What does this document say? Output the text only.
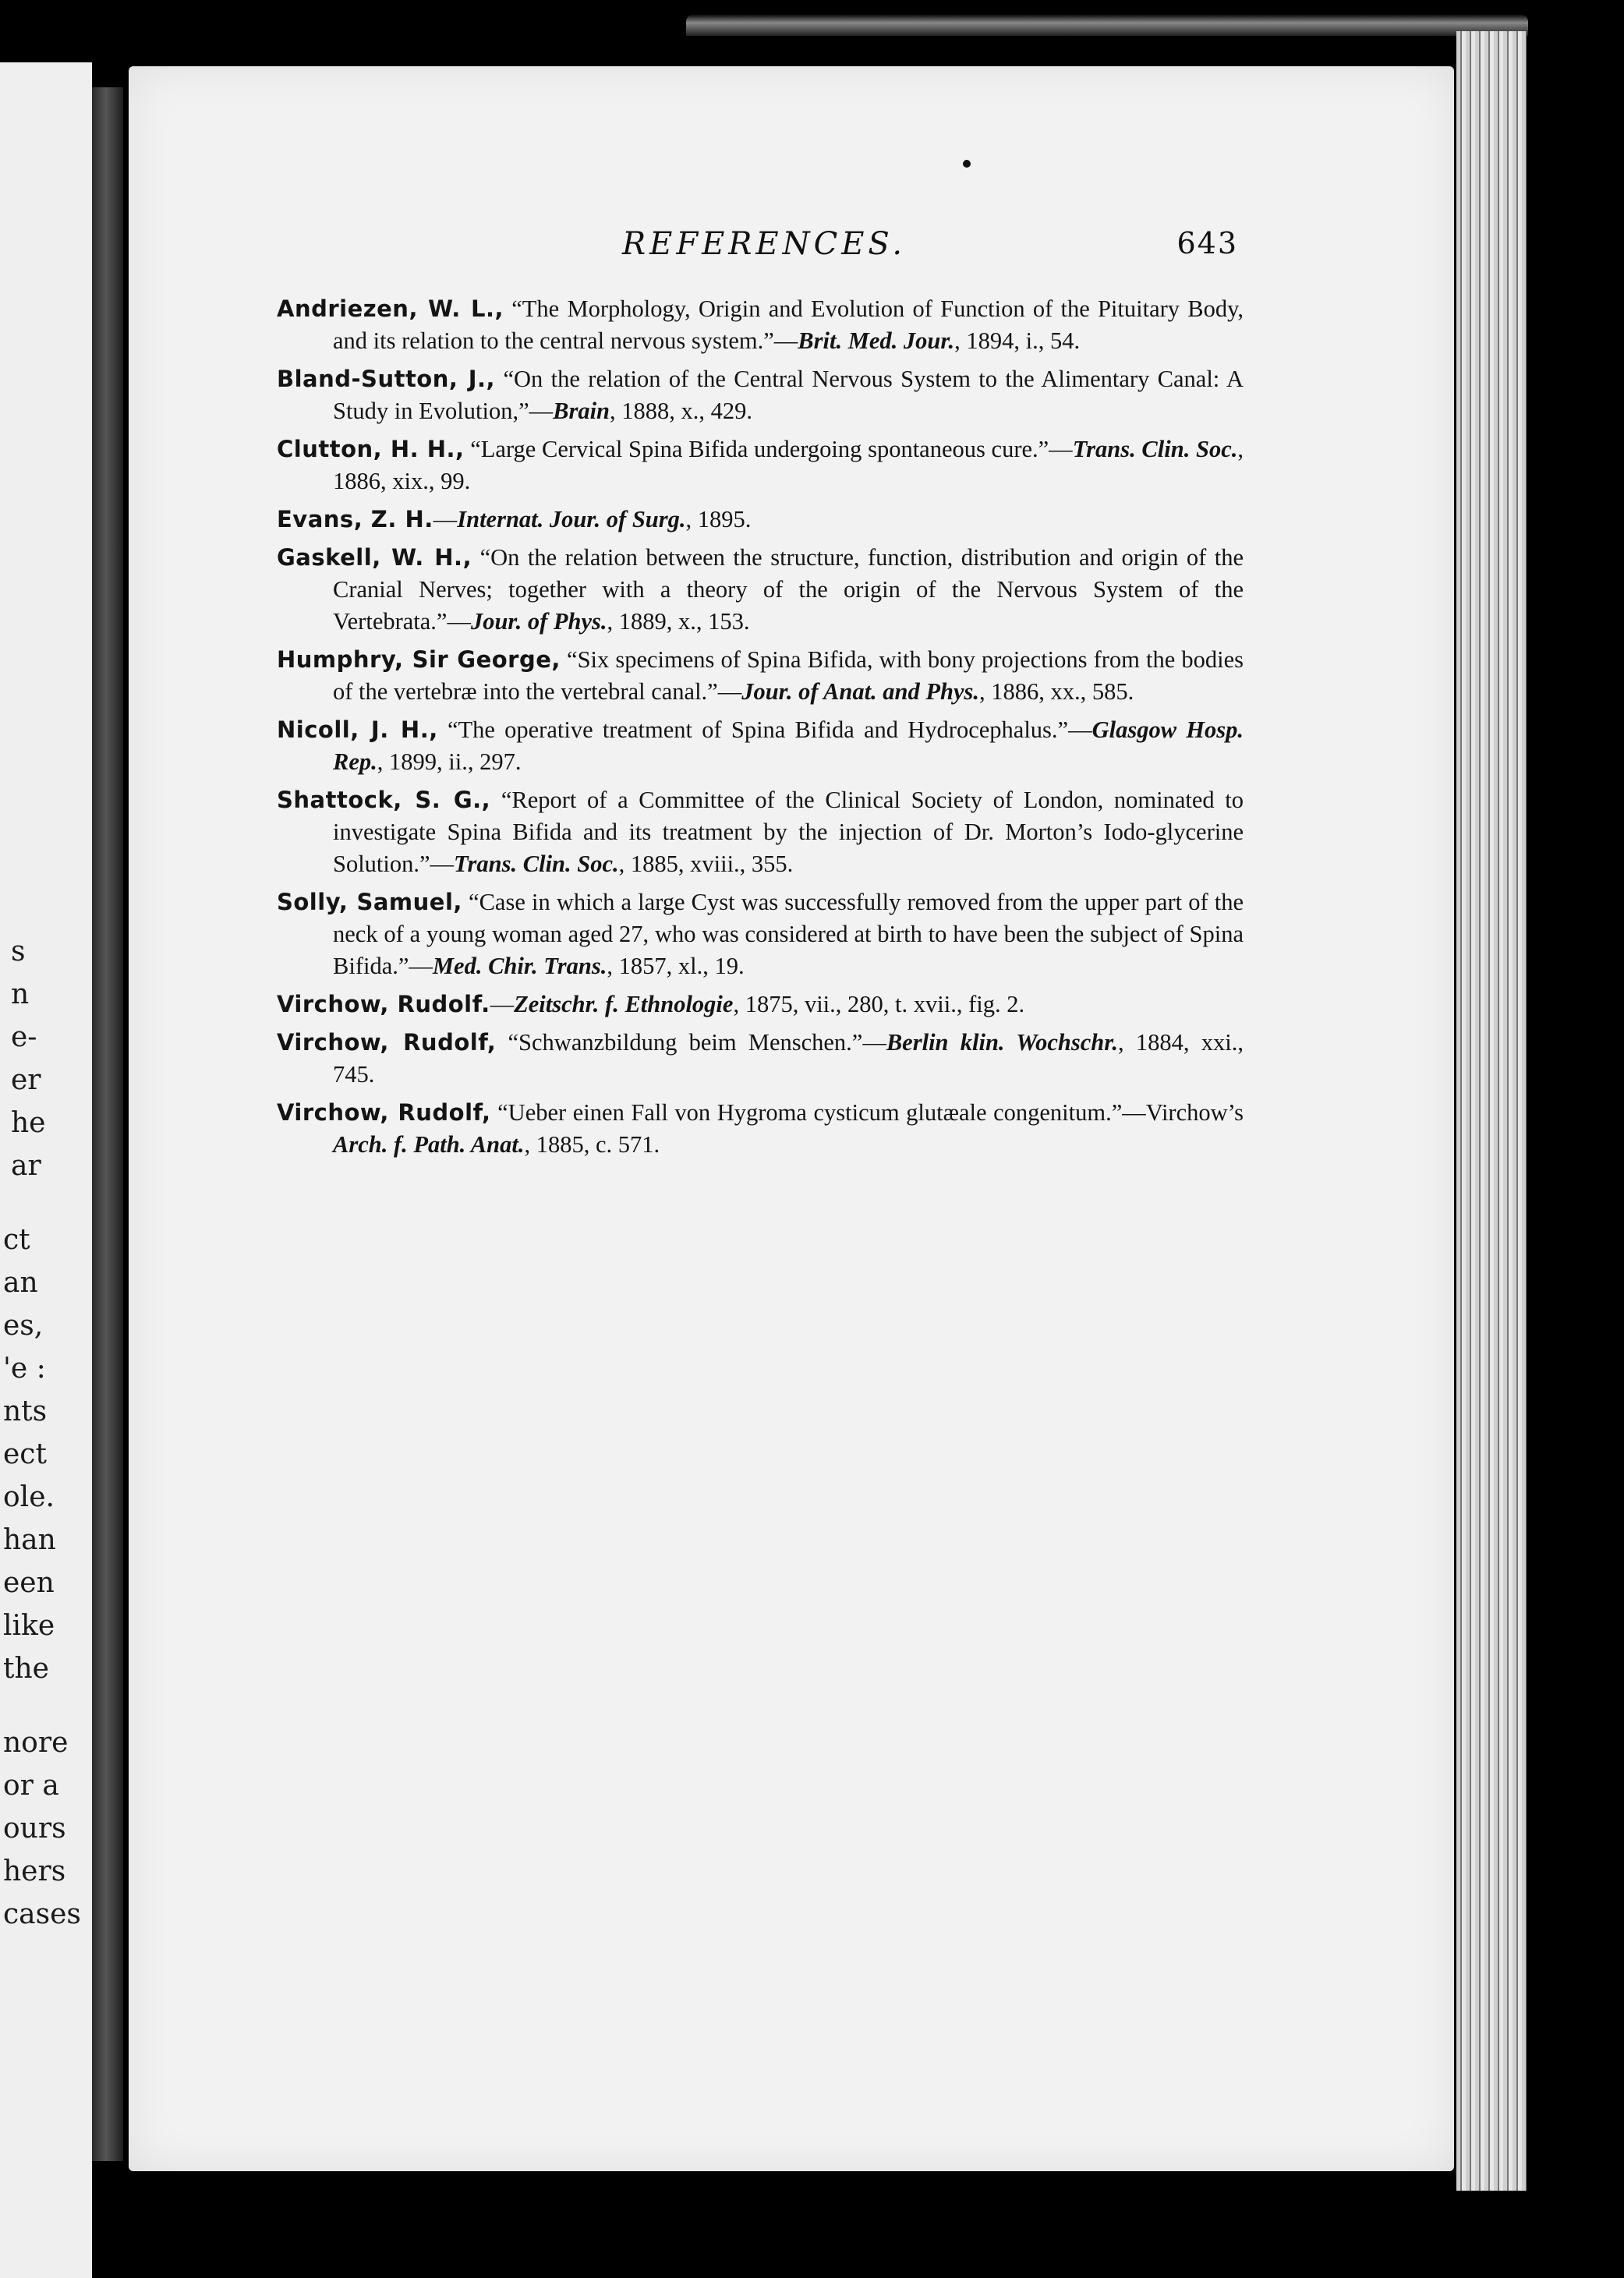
s
n
e-
er
he
ar
ct
an
es,
'e :
nts
ect
ole.
han
een
like
the
nore
or a
ours
hers
cases
REFERENCES.	643
Andriezen, W. L., “The Morphology, Origin and Evolution of Function of the Pituitary Body, and its relation to the central nervous system.”—Brit. Med. Jour., 1894, i., 54.
Bland-Sutton, J., “On the relation of the Central Nervous System to the Alimentary Canal: A Study in Evolution,”—Brain, 1888, x., 429.
Clutton, H. H., “Large Cervical Spina Bifida undergoing spontaneous cure.”—Trans. Clin. Soc., 1886, xix., 99.
Evans, Z. H.—Internat. Jour. of Surg., 1895.
Gaskell, W. H., “On the relation between the structure, function, distribution and origin of the Cranial Nerves; together with a theory of the origin of the Nervous System of the Vertebrata.”—Jour. of Phys., 1889, x., 153.
Humphry, Sir George, “Six specimens of Spina Bifida, with bony projections from the bodies of the vertebræ into the vertebral canal.”—Jour. of Anat. and Phys., 1886, xx., 585.
Nicoll, J. H., “The operative treatment of Spina Bifida and Hydrocephalus.”—Glasgow Hosp. Rep., 1899, ii., 297.
Shattock, S. G., “Report of a Committee of the Clinical Society of London, nominated to investigate Spina Bifida and its treatment by the injection of Dr. Morton’s Iodo-glycerine Solution.”—Trans. Clin. Soc., 1885, xviii., 355.
Solly, Samuel, “Case in which a large Cyst was successfully removed from the upper part of the neck of a young woman aged 27, who was considered at birth to have been the subject of Spina Bifida.”—Med. Chir. Trans., 1857, xl., 19.
Virchow, Rudolf.—Zeitschr. f. Ethnologie, 1875, vii., 280, t. xvii., fig. 2.
Virchow, Rudolf, “Schwanzbildung beim Menschen.”—Berlin klin. Wochschr., 1884, xxi., 745.
Virchow, Rudolf, “Ueber einen Fall von Hygroma cysticum glutæale congenitum.”—Virchow’s Arch. f. Path. Anat., 1885, c. 571.
